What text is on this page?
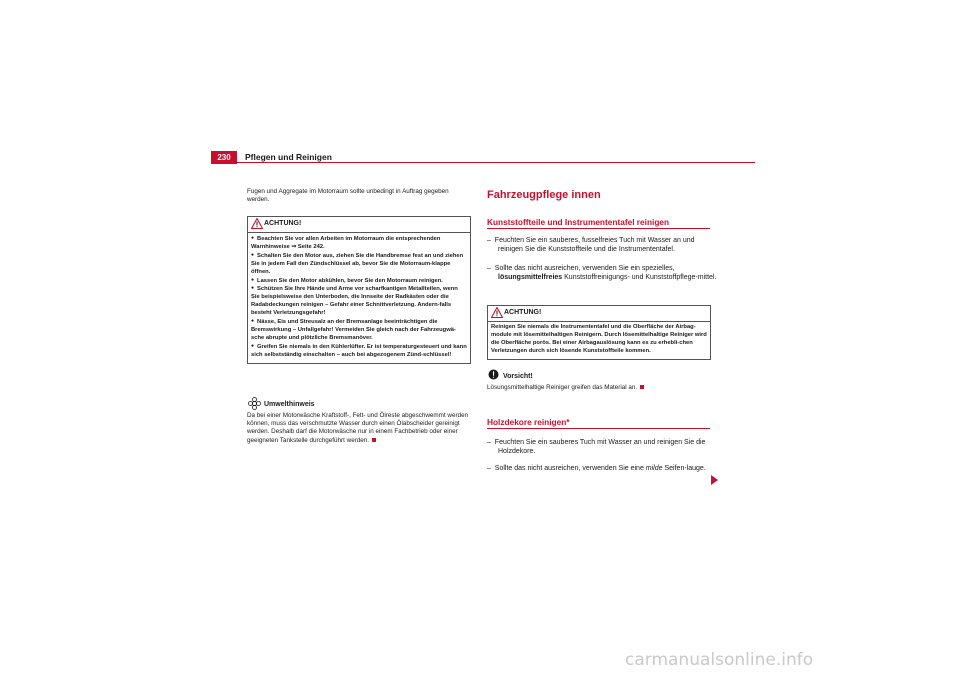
230	Pflegen und Reinigen
Fugen und Aggregate im Motorraum sollte unbedingt in Auftrag gegeben werden.
ACHTUNG!
● Beachten Sie vor allen Arbeiten im Motorraum die entsprechenden Warnhinweise ⇒ Seite 242.
● Schalten Sie den Motor aus, ziehen Sie die Handbremse fest an und ziehen Sie in jedem Fall den Zündschlüssel ab, bevor Sie die Motorraum-klappe öffnen.
● Lassen Sie den Motor abkühlen, bevor Sie den Motorraum reinigen.
● Schützen Sie Ihre Hände und Arme vor scharfkantigen Metallteilen, wenn Sie beispielsweise den Unterboden, die Innseite der Radkästen oder die Radabdeckungen reinigen – Gefahr einer Schnittverletzung. Andern-falls besteht Verletzungsgefahr!
● Nässe, Eis und Streusalz an der Bremsanlage beeinträchtigen die Bremswirkung – Unfallgefahr! Vermeiden Sie gleich nach der Fahrzeugwä-sche abrupte und plötzliche Bremsmanöver.
● Greifen Sie niemals in den Kühlerlüfter. Er ist temperaturgesteuert und kann sich selbstständig einschalten – auch bei abgezogenem Zünd-schlüssel!
Umwelthinweis
Da bei einer Motorwäsche Kraftstoff-, Fett- und Ölreste abgeschwemmt werden können, muss das verschmutzte Wasser durch einen Ölabscheider gereinigt werden. Deshalb darf die Motorwäsche nur in einem Fachbetrieb oder einer geeigneten Tankstelle durchgeführt werden.
Fahrzeugpflege innen
Kunststoffteile und Instrumententafel reinigen
– Feuchten Sie ein sauberes, fusselfreies Tuch mit Wasser an und reinigen Sie die Kunststoffteile und die Instrumententafel.
– Sollte das nicht ausreichen, verwenden Sie ein spezielles, lösungsmittelfreies Kunststoffreinigungs- und Kunststoffpflege-mittel.
ACHTUNG!
Reinigen Sie niemals die Instrumententafel und die Oberfläche der Airbag-module mit lösemittelhaltigen Reinigern. Durch lösemittelhaltige Reiniger wird die Oberfläche porös. Bei einer Airbagauslösung kann es zu erhebli-chen Verletzungen durch sich lösende Kunststoffteile kommen.
Vorsicht!
Lösungsmittelhaltige Reiniger greifen das Material an.
Holzdekore reinigen*
– Feuchten Sie ein sauberes Tuch mit Wasser an und reinigen Sie die Holzdekore.
– Sollte das nicht ausreichen, verwenden Sie eine milde Seifen-lauge.
carmanualsonline.info
